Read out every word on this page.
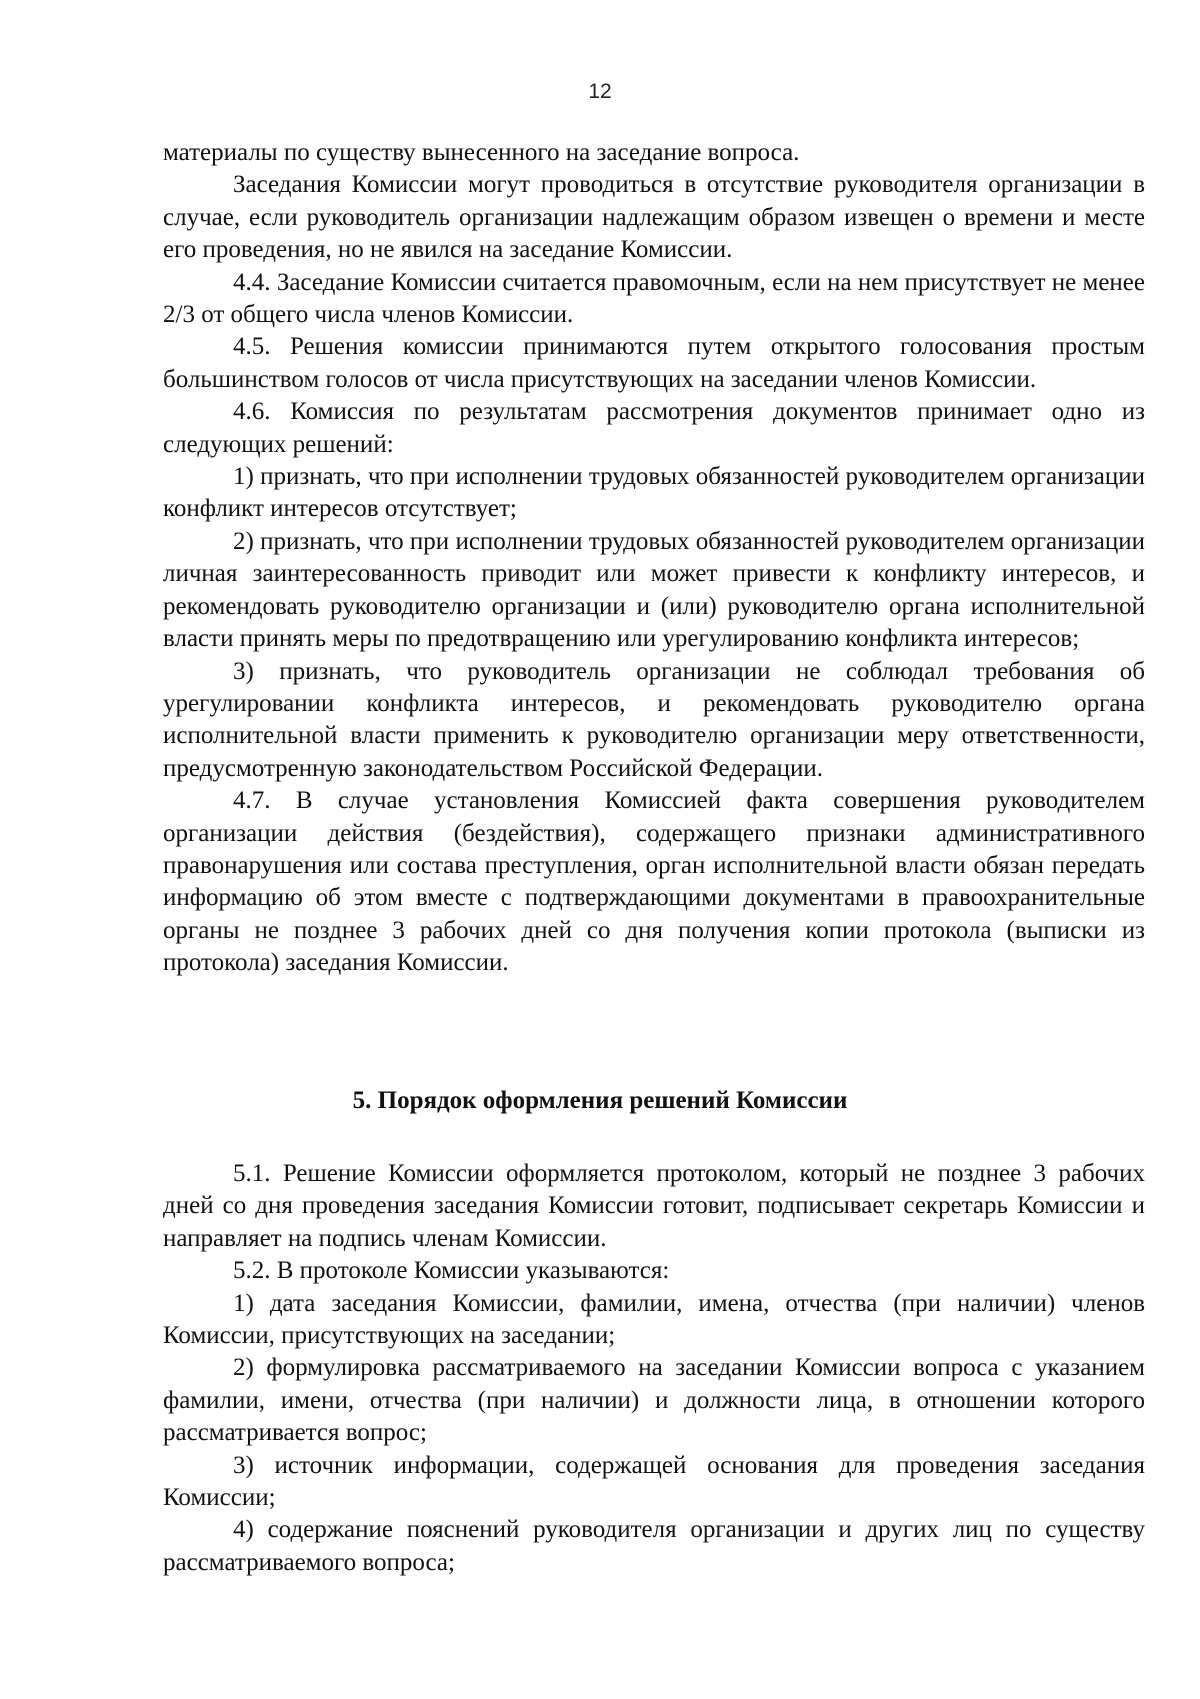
12

материалы по существу вынесенного на заседание вопроса.

Заседания Комиссии могут проводиться в отсутствие руководителя организации в случае, если руководитель организации надлежащим образом извещен о времени и месте его проведения, но не явился на заседание Комиссии.

4.4. Заседание Комиссии считается правомочным, если на нем присутствует не менее 2/3 от общего числа членов Комиссии.

4.5. Решения комиссии принимаются путем открытого голосования простым большинством голосов от числа присутствующих на заседании членов Комиссии.

4.6. Комиссия по результатам рассмотрения документов принимает одно из следующих решений:

1) признать, что при исполнении трудовых обязанностей руководителем организации конфликт интересов отсутствует;

2) признать, что при исполнении трудовых обязанностей руководителем организации личная заинтересованность приводит или может привести к конфликту интересов, и рекомендовать руководителю организации и (или) руководителю органа исполнительной власти принять меры по предотвращению или урегулированию конфликта интересов;

3) признать, что руководитель организации не соблюдал требования об урегулировании конфликта интересов, и рекомендовать руководителю органа исполнительной власти применить к руководителю организации меру ответственности, предусмотренную законодательством Российской Федерации.

4.7. В случае установления Комиссией факта совершения руководителем организации действия (бездействия), содержащего признаки административного правонарушения или состава преступления, орган исполнительной власти обязан передать информацию об этом вместе с подтверждающими документами в правоохранительные органы не позднее 3 рабочих дней со дня получения копии протокола (выписки из протокола) заседания Комиссии.

5. Порядок оформления решений Комиссии

5.1. Решение Комиссии оформляется протоколом, который не позднее 3 рабочих дней со дня проведения заседания Комиссии готовит, подписывает секретарь Комиссии и направляет на подпись членам Комиссии.

5.2. В протоколе Комиссии указываются:

1) дата заседания Комиссии, фамилии, имена, отчества (при наличии) членов Комиссии, присутствующих на заседании;

2) формулировка рассматриваемого на заседании Комиссии вопроса с указанием фамилии, имени, отчества (при наличии) и должности лица, в отношении которого рассматривается вопрос;

3) источник информации, содержащей основания для проведения заседания Комиссии;

4) содержание пояснений руководителя организации и других лиц по существу рассматриваемого вопроса;
